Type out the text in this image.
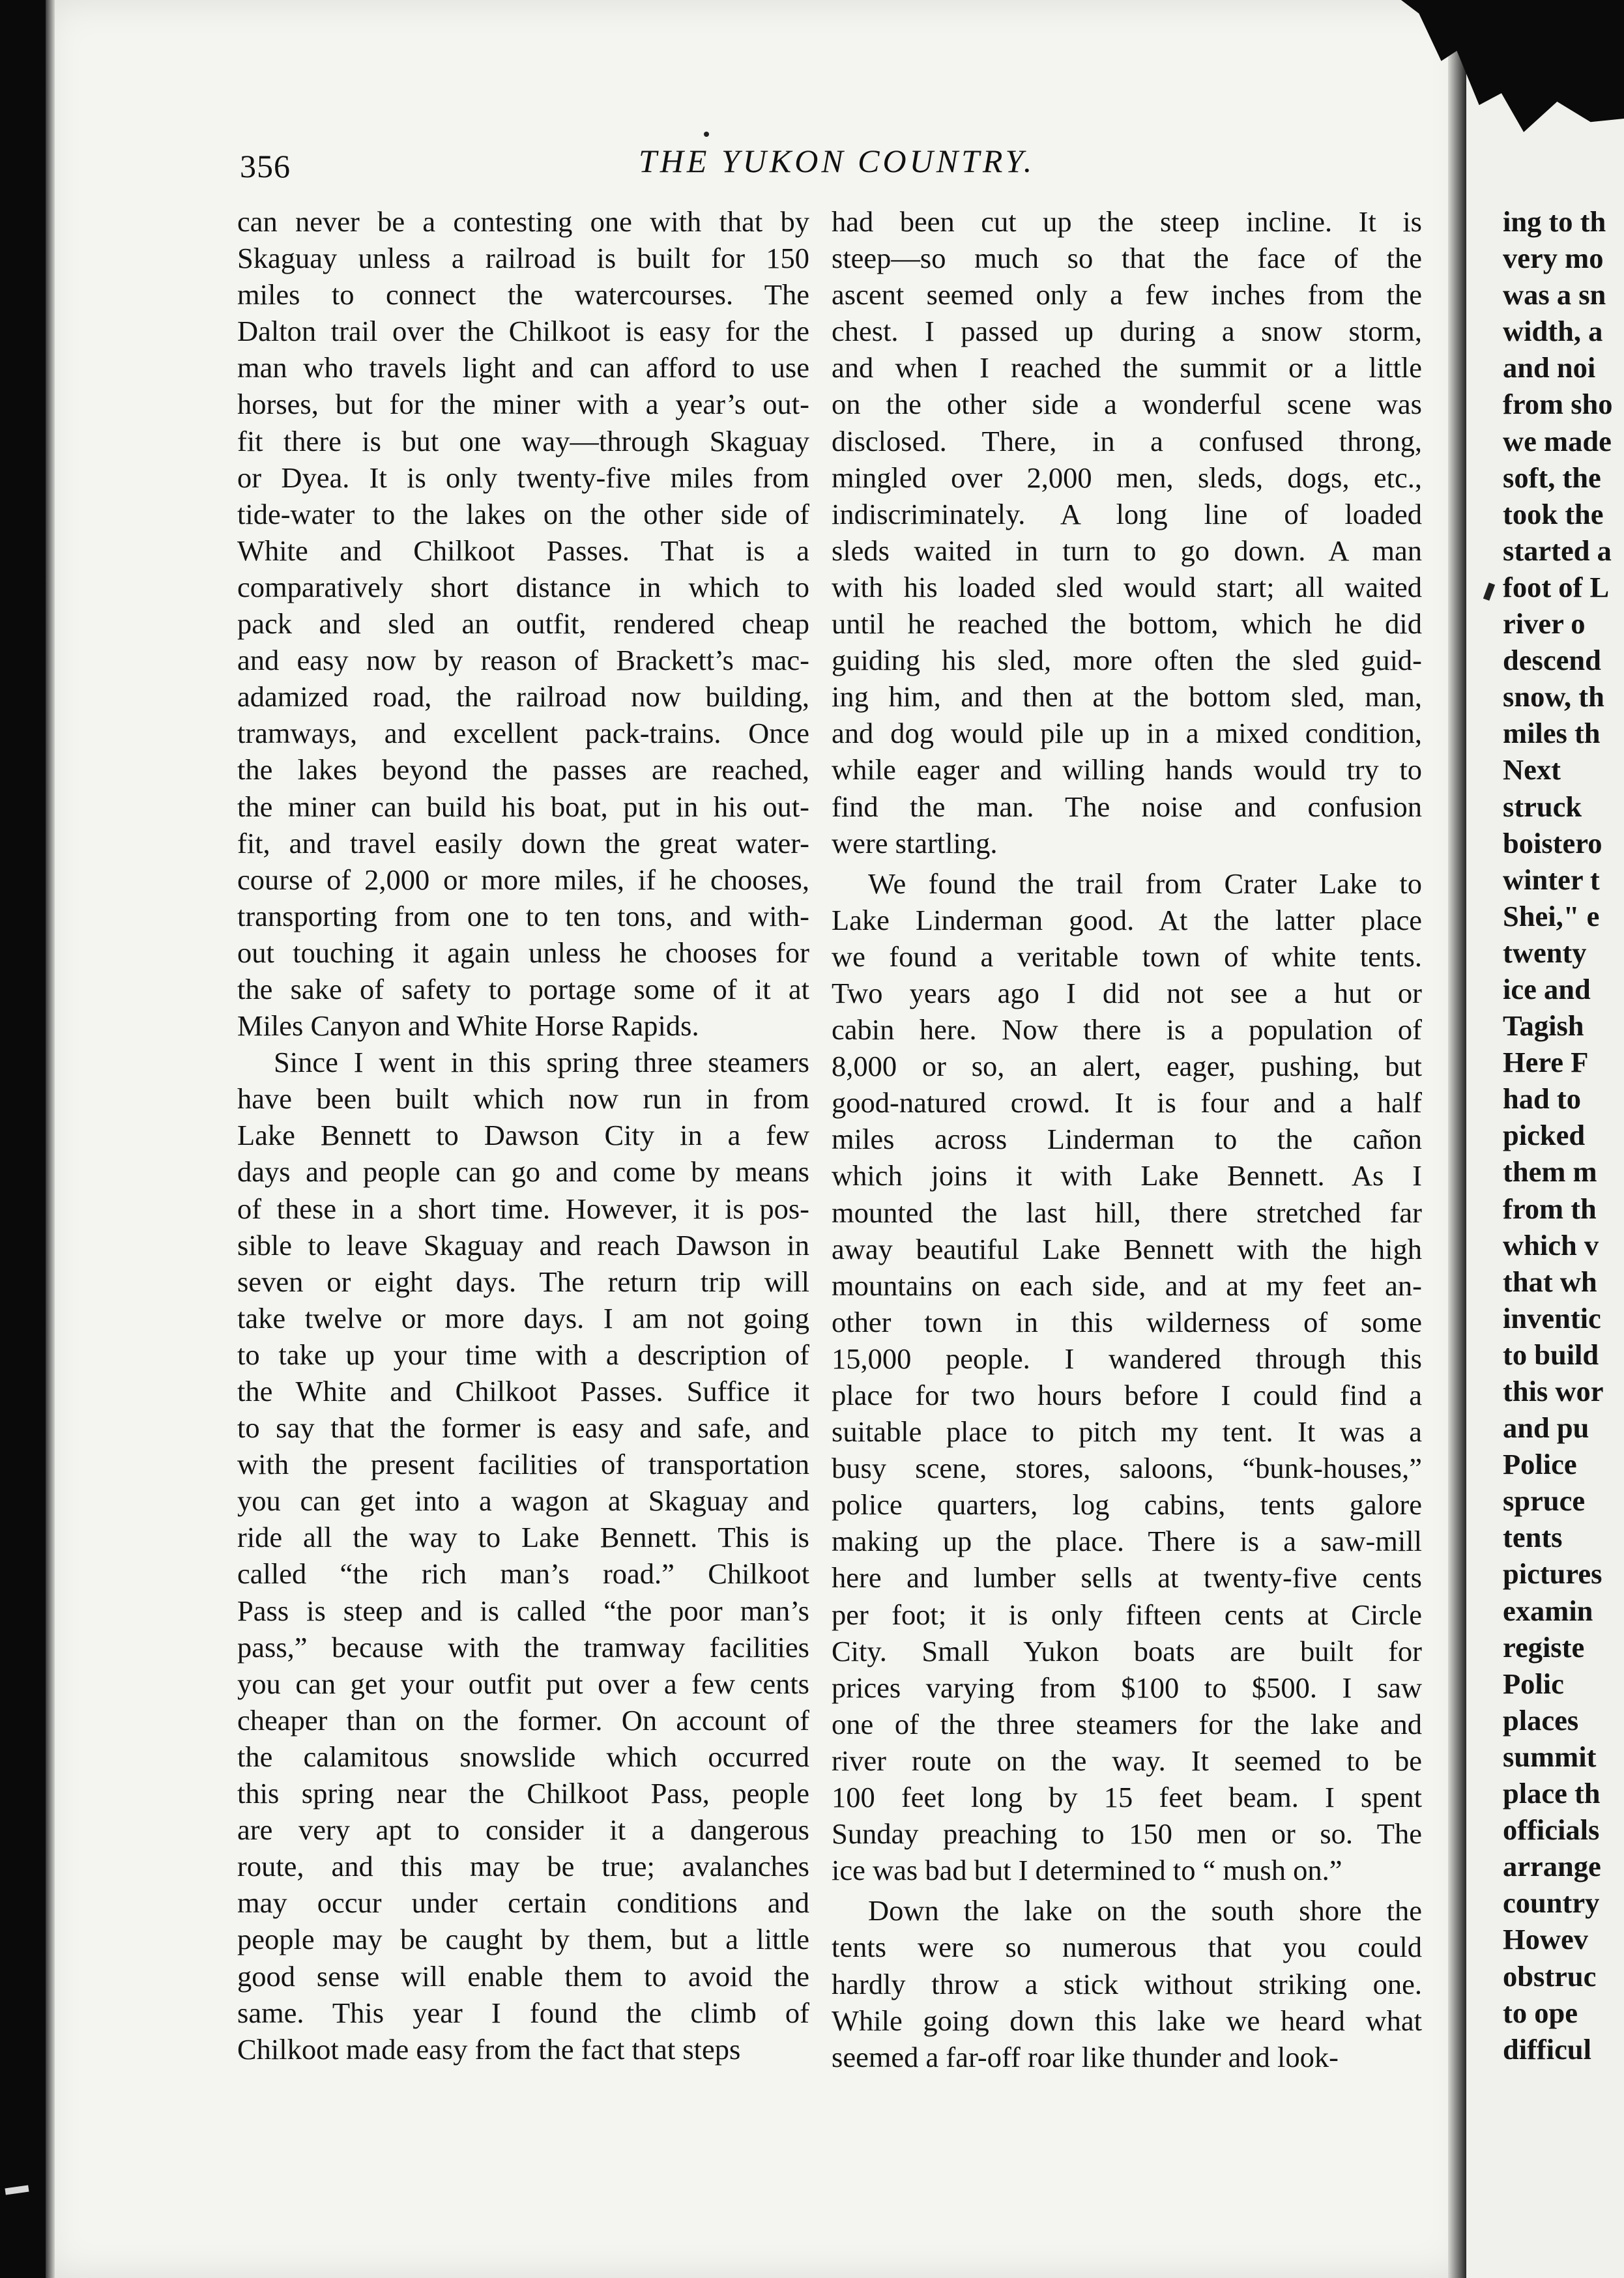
356	THE YUKON COUNTRY.
can never be a contesting one with that by
Skaguay unless a railroad is built for 150
miles to connect the watercourses. The
Dalton trail over the Chilkoot is easy for the
man who travels light and can afford to use
horses, but for the miner with a year’s out-
fit there is but one way—through Skaguay
or Dyea. It is only twenty-five miles from
tide-water to the lakes on the other side of
White and Chilkoot Passes. That is a
comparatively short distance in which to
pack and sled an outfit, rendered cheap
and easy now by reason of Brackett’s mac-
adamized road, the railroad now building,
tramways, and excellent pack-trains. Once
the lakes beyond the passes are reached,
the miner can build his boat, put in his out-
fit, and travel easily down the great water-
course of 2,000 or more miles, if he chooses,
transporting from one to ten tons, and with-
out touching it again unless he chooses for
the sake of safety to portage some of it at
Miles Canyon and White Horse Rapids.
Since I went in this spring three steamers
have been built which now run in from
Lake Bennett to Dawson City in a few
days and people can go and come by means
of these in a short time. However, it is pos-
sible to leave Skaguay and reach Dawson in
seven or eight days. The return trip will
take twelve or more days. I am not going
to take up your time with a description of
the White and Chilkoot Passes. Suffice it
to say that the former is easy and safe, and
with the present facilities of transportation
you can get into a wagon at Skaguay and
ride all the way to Lake Bennett. This is
called “the rich man’s road.” Chilkoot
Pass is steep and is called “the poor man’s
pass,” because with the tramway facilities
you can get your outfit put over a few cents
cheaper than on the former. On account of
the calamitous snowslide which occurred
this spring near the Chilkoot Pass, people
are very apt to consider it a dangerous
route, and this may be true; avalanches
may occur under certain conditions and
people may be caught by them, but a little
good sense will enable them to avoid the
same. This year I found the climb of
Chilkoot made easy from the fact that steps
had been cut up the steep incline. It is
steep—so much so that the face of the
ascent seemed only a few inches from the
chest. I passed up during a snow storm,
and when I reached the summit or a little
on the other side a wonderful scene was
disclosed. There, in a confused throng,
mingled over 2,000 men, sleds, dogs, etc.,
indiscriminately. A long line of loaded
sleds waited in turn to go down. A man
with his loaded sled would start; all waited
until he reached the bottom, which he did
guiding his sled, more often the sled guid-
ing him, and then at the bottom sled, man,
and dog would pile up in a mixed condition,
while eager and willing hands would try to
find the man. The noise and confusion
were startling.
We found the trail from Crater Lake to
Lake Linderman good. At the latter place
we found a veritable town of white tents.
Two years ago I did not see a hut or
cabin here. Now there is a population of
8,000 or so, an alert, eager, pushing, but
good-natured crowd. It is four and a half
miles across Linderman to the cañon
which joins it with Lake Bennett. As I
mounted the last hill, there stretched far
away beautiful Lake Bennett with the high
mountains on each side, and at my feet an-
other town in this wilderness of some
15,000 people. I wandered through this
place for two hours before I could find a
suitable place to pitch my tent. It was a
busy scene, stores, saloons, “bunk-houses,”
police quarters, log cabins, tents galore
making up the place. There is a saw-mill
here and lumber sells at twenty-five cents
per foot; it is only fifteen cents at Circle
City. Small Yukon boats are built for
prices varying from $100 to $500. I saw
one of the three steamers for the lake and
river route on the way. It seemed to be
100 feet long by 15 feet beam. I spent
Sunday preaching to 150 men or so. The
ice was bad but I determined to “ mush on.”
Down the lake on the south shore the
tents were so numerous that you could
hardly throw a stick without striking one.
While going down this lake we heard what
seemed a far-off roar like thunder and look-
ing to th
very mo
was a sn
width, a
and noi
from sho
we made
soft, the
took the
started a
foot of L
river o
descend
snow, th
miles th
Next
struck
boistero
winter t
Shei," e
twenty
ice and
Tagish
Here F
had to
picked
them m
from th
which v
that wh
inventic
to build
this wor
and pu
Police
spruce
tents
pictures
examin
registe
Polic
places
summit
place th
officials
arrange
country
Howev
obstruc
to ope
difficul
